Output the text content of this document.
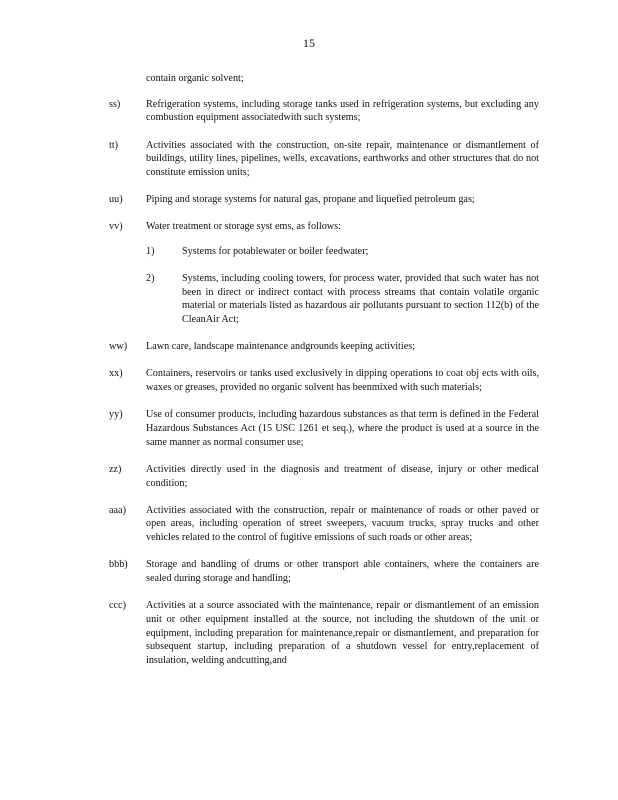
15
contain organic solvent;
ss)	Refrigeration systems, including storage tanks used in refrigeration systems, but excluding any combustion equipment associatedwith such systems;
tt)	Activities associated with the construction, on-site repair, maintenance or dismantlement of buildings, utility lines, pipelines, wells, excavations, earthworks and other structures that do not constitute emission units;
uu) Piping and storage systems for natural gas, propane and liquefied petroleum gas;
vv) Water treatment or storage syst ems, as follows:
1)	Systems for potablewater or boiler feedwater;
2)	Systems, including cooling towers, for process water, provided that such water has not been in direct or indirect contact with process streams that contain volatile organic material or materials listed as hazardous air pollutants pursuant to section 112(b) of the CleanAir Act;
ww) Lawn care, landscape maintenance andgrounds keeping activities;
xx) Containers, reservoirs or tanks used exclusively in dipping operations to coat obj ects with oils, waxes or greases, provided no organic solvent has beenmixed with such materials;
yy) Use of consumer products, including hazardous substances as that term is defined in the Federal Hazardous Substances Act (15 USC 1261 et seq.), where the product is used at a source in the same manner as normal consumer use;
zz) Activities directly used in the diagnosis and treatment of disease, injury or other medical condition;
aaa) Activities associated with the construction, repair or maintenance of roads or other paved or open areas, including operation of street sweepers, vacuum trucks, spray trucks and other vehicles related to the control of fugitive emissions of such roads or other areas;
bbb) Storage and handling of drums or other transport able containers, where the containers are sealed during storage and handling;
ccc) Activities at a source associated with the maintenance, repair or dismantlement of an emission unit or other equipment installed at the source, not including the shutdown of the unit or equipment, including preparation for maintenance,repair or dismantlement, and preparation for subsequent startup, including preparation of a shutdown vessel for entry,replacement of insulation, welding andcutting,and
